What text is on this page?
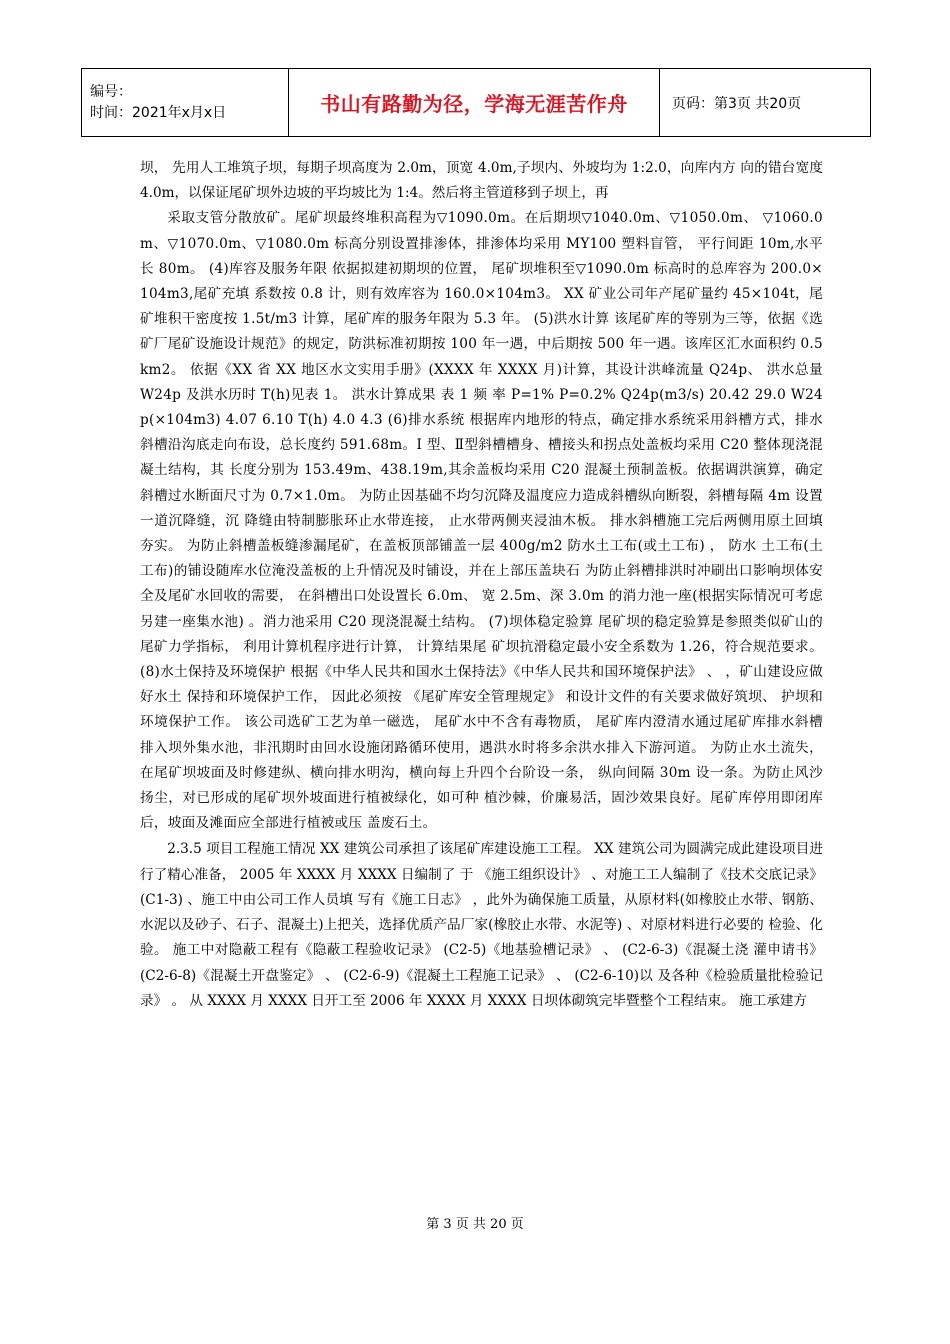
编号：
时间：2021年x月x日	书山有路勤为径，学海无涯苦作舟	页码：第3页 共20页

坝， 先用人工堆筑子坝，每期子坝高度为 2.0m，顶宽 4.0m,子坝内、外坡均为 1:2.0，向库内方 向的错台宽度 4.0m，以保证尾矿坝外边坡的平均坡比为 1:4。然后将主管道移到子坝上，再

采取支管分散放矿。尾矿坝最终堆积高程为▽1090.0m。在后期坝▽1040.0m、▽1050.0m、 ▽1060.0m、▽1070.0m、▽1080.0m 标高分别设置排渗体，排渗体均采用 MY100 塑料盲管， 平行间距 10m,水平长 80m。 (4)库容及服务年限 依据拟建初期坝的位置， 尾矿坝堆积至▽1090.0m 标高时的总库容为 200.0×104m3,尾矿充填 系数按 0.8 计，则有效库容为 160.0×104m3。 XX 矿业公司年产尾矿量约 45×104t，尾矿堆积干密度按 1.5t/m3 计算，尾矿库的服务年限为 5.3 年。 (5)洪水计算 该尾矿库的等别为三等，依据《选矿厂尾矿设施设计规范》的规定，防洪标准初期按 100 年一遇，中后期按 500 年一遇。该库区汇水面积约 0.5km2。 依据《XX 省 XX 地区水文实用手册》(XXXX 年 XXXX 月)计算，其设计洪峰流量 Q24p、 洪水总量 W24p 及洪水历时 T(h)见表 1。 洪水计算成果 表 1 频 率 P=1% P=0.2% Q24p(m3/s) 20.42 29.0 W24p(×104m3) 4.07 6.10 T(h) 4.0 4.3 (6)排水系统 根据库内地形的特点，确定排水系统采用斜槽方式，排水斜槽沿沟底走向布设，总长度约 591.68m。I 型、Ⅱ型斜槽槽身、槽接头和拐点处盖板均采用 C20 整体现浇混凝土结构，其 长度分别为 153.49m、438.19m,其余盖板均采用 C20 混凝土预制盖板。依据调洪演算，确定 斜槽过水断面尺寸为 0.7×1.0m。 为防止因基础不均匀沉降及温度应力造成斜槽纵向断裂，斜槽每隔 4m 设置一道沉降缝，沉 降缝由特制膨胀环止水带连接， 止水带两侧夹浸油木板。 排水斜槽施工完后两侧用原土回填 夯实。 为防止斜槽盖板缝渗漏尾矿，在盖板顶部铺盖一层 400g/m2 防水土工布(或土工布) ， 防水 土工布(土工布)的铺设随库水位淹没盖板的上升情况及时铺设，并在上部压盖块石 为防止斜槽排洪时冲刷出口影响坝体安全及尾矿水回收的需要， 在斜槽出口处设置长 6.0m、 宽 2.5m、深 3.0m 的消力池一座(根据实际情况可考虑另建一座集水池) 。消力池采用 C20 现浇混凝土结构。 (7)坝体稳定验算 尾矿坝的稳定验算是参照类似矿山的尾矿力学指标， 利用计算机程序进行计算， 计算结果尾 矿坝抗滑稳定最小安全系数为 1.26，符合规范要求。 (8)水土保持及环境保护 根据《中华人民共和国水土保持法》《中华人民共和国环境保护法》 、 ，矿山建设应做好水土 保持和环境保护工作， 因此必须按 《尾矿库安全管理规定》 和设计文件的有关要求做好筑坝、 护坝和环境保护工作。 该公司选矿工艺为单一磁选， 尾矿水中不含有毒物质， 尾矿库内澄清水通过尾矿库排水斜槽 排入坝外集水池，非汛期时由回水设施闭路循环使用，遇洪水时将多余洪水排入下游河道。 为防止水土流失，在尾矿坝坡面及时修建纵、横向排水明沟，横向每上升四个台阶设一条， 纵向间隔 30m 设一条。为防止风沙扬尘，对已形成的尾矿坝外坡面进行植被绿化，如可种 植沙棘，价廉易活，固沙效果良好。尾矿库停用即闭库后，坡面及滩面应全部进行植被或压 盖废石土。

2.3.5 项目工程施工情况 XX 建筑公司承担了该尾矿库建设施工工程。 XX 建筑公司为圆满完成此建设项目进行了精心准备， 2005 年 XXXX 月 XXXX 日编制了 于 《施工组织设计》 、对施工工人编制了《技术交底记录》 (C1-3) 、施工中由公司工作人员填 写有《施工日志》 ，此外为确保施工质量，从原材料(如橡胶止水带、钢筋、水泥以及砂子、石子、混凝土)上把关，选择优质产品厂家(橡胶止水带、水泥等) 、对原材料进行必要的 检验、化验。 施工中对隐蔽工程有《隐蔽工程验收记录》 (C2-5)《地基验槽记录》 、 (C2-6-3)《混凝土浇 灌申请书》 (C2-6-8)《混凝土开盘鉴定》 、 (C2-6-9)《混凝土工程施工记录》 、 (C2-6-10)以 及各种《检验质量批检验记录》 。 从 XXXX 月 XXXX 日开工至 2006 年 XXXX 月 XXXX 日坝体砌筑完毕暨整个工程结束。 施工承建方

第 3 页 共 20 页
